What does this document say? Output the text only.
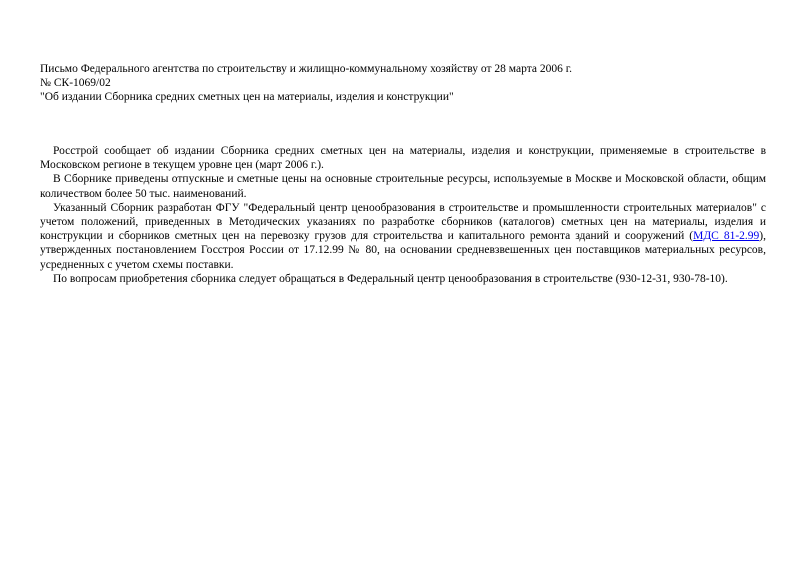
Письмо Федерального агентства по строительству и жилищно-коммунальному хозяйству от 28 марта 2006 г.
№ СК-1069/02
"Об издании Сборника средних сметных цен на материалы, изделия и конструкции"

Росстрой сообщает об издании Сборника средних сметных цен на материалы, изделия и конструкции, применяемые в строительстве в Московском регионе в текущем уровне цен (март 2006 г.).

В Сборнике приведены отпускные и сметные цены на основные строительные ресурсы, используемые в Москве и Московской области, общим количеством более 50 тыс. наименований.

Указанный Сборник разработан ФГУ "Федеральный центр ценообразования в строительстве и промышленности строительных материалов" с учетом положений, приведенных в Методических указаниях по разработке сборников (каталогов) сметных цен на материалы, изделия и конструкции и сборников сметных цен на перевозку грузов для строительства и капитального ремонта зданий и сооружений (МДС 81-2.99), утвержденных постановлением Госстроя России от 17.12.99 № 80, на основании средневзвешенных цен поставщиков материальных ресурсов, усредненных с учетом схемы поставки.

По вопросам приобретения сборника следует обращаться в Федеральный центр ценообразования в строительстве (930-12-31, 930-78-10).
